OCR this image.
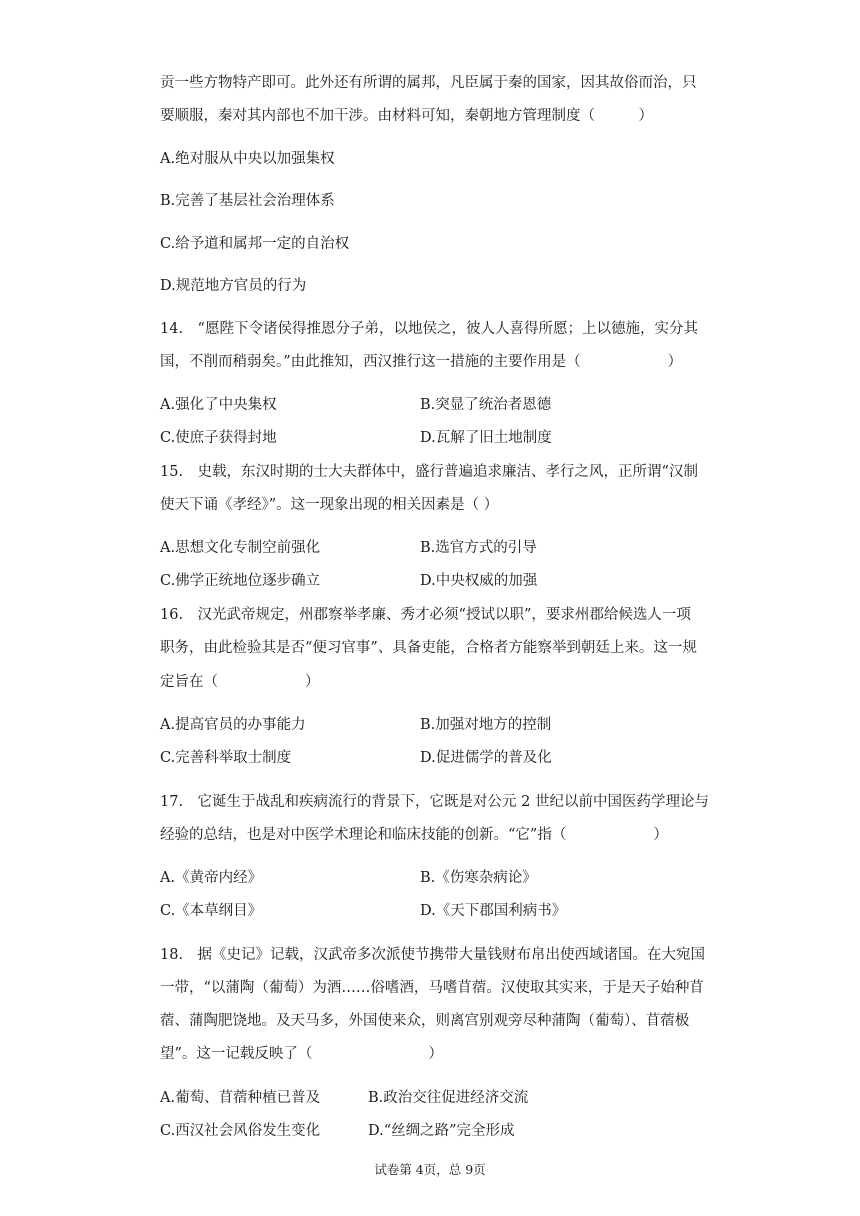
贡一些方物特产即可。此外还有所谓的属邦，凡臣属于秦的国家，因其故俗而治，只
要顺服，秦对其内部也不加干涉。由材料可知，秦朝地方管理制度（　　　）
A.绝对服从中央以加强集权
B.完善了基层社会治理体系
C.给予道和属邦一定的自治权
D.规范地方官员的行为
14.　“愿陛下令诸侯得推恩分子弟，以地侯之，彼人人喜得所愿；上以德施，实分其
国，不削而稍弱矣。”由此推知，西汉推行这一措施的主要作用是（　　　　　　）
A.强化了中央集权	B.突显了统治者恩德
C.使庶子获得封地	D.瓦解了旧土地制度
15.　史载，东汉时期的士大夫群体中，盛行普遍追求廉洁、孝行之风，正所谓“汉制
使天下诵《孝经》”。这一现象出现的相关因素是（ ）
A.思想文化专制空前强化	B.选官方式的引导
C.佛学正统地位逐步确立	D.中央权威的加强
16.　汉光武帝规定，州郡察举孝廉、秀才必须“授试以职”，要求州郡给候选人一项
职务，由此检验其是否“便习官事”、具备吏能，合格者方能察举到朝廷上来。这一规
定旨在（　　　　　　）
A.提高官员的办事能力	B.加强对地方的控制
C.完善科举取士制度	D.促进儒学的普及化
17.　它诞生于战乱和疾病流行的背景下，它既是对公元 2 世纪以前中国医药学理论与
经验的总结，也是对中医学术理论和临床技能的创新。“它”指（　　　　　　）
A.《黄帝内经》	B.《伤寒杂病论》
C.《本草纲目》	D.《天下郡国利病书》
18.　据《史记》记载，汉武帝多次派使节携带大量钱财布帛出使西域诸国。在大宛国
一带，“以蒲陶（葡萄）为酒……俗嗜酒，马嗜苜蓿。汉使取其实来，于是天子始种苜
蓿、蒲陶肥饶地。及天马多，外国使来众，则离宫别观旁尽种蒲陶（葡萄）、苜蓿极
望”。这一记载反映了（　　　　　　　　）
A.葡萄、苜蓿种植已普及	B.政治交往促进经济交流
C.西汉社会风俗发生变化	D.“丝绸之路”完全形成
试卷第 4页，总 9页
